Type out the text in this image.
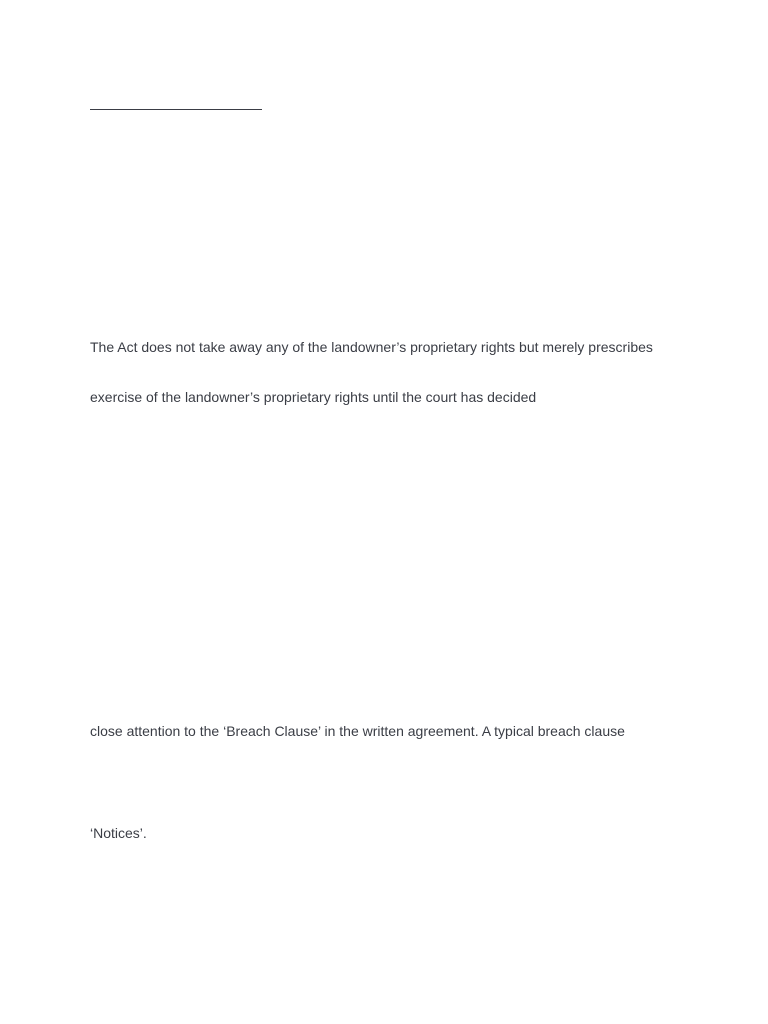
The Act does not take away any of the landowner’s proprietary rights but merely prescribes
exercise of the landowner’s proprietary rights until the court has decided
close attention to the ‘Breach Clause’ in the written agreement. A typical breach clause
‘Notices’.
